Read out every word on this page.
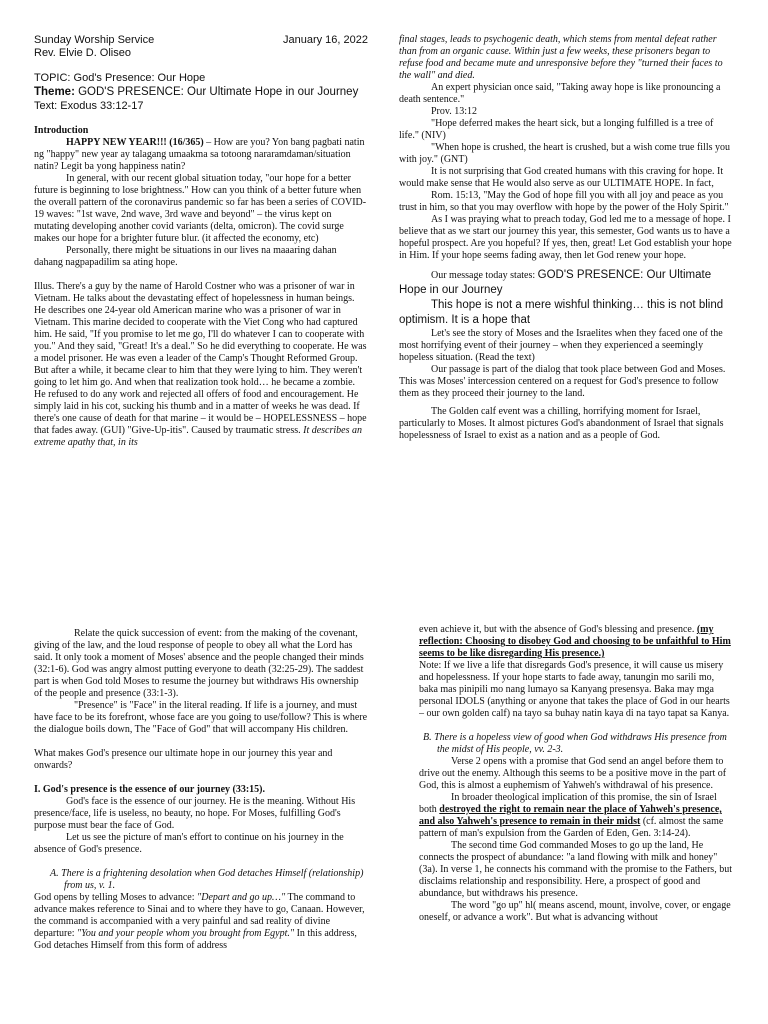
Sunday Worship Service	January 16, 2022

Rev. Elvie D. Oliseo

TOPIC: God's Presence: Our Hope

Theme: GOD'S PRESENCE: Our Ultimate Hope in our Journey

Text: Exodus 33:12-17

Introduction

HAPPY NEW YEAR!!! (16/365) – How are you? Yon bang pagbati natin ng "happy" new year ay talagang umaakma sa totoong nararamdaman/situation natin? Legit ba yong happiness natin?

In general, with our recent global situation today, "our hope for a better future is beginning to lose brightness." How can you think of a better future when the overall pattern of the coronavirus pandemic so far has been a series of COVID-19 waves: "1st wave, 2nd wave, 3rd wave and beyond" – the virus kept on mutating developing another covid variants (delta, omicron). The covid surge makes our hope for a brighter future blur. (it affected the economy, etc)

Personally, there might be situations in our lives na maaaring dahan dahang nagpapadilim sa ating hope.

Illus. There's a guy by the name of Harold Costner who was a prisoner of war in Vietnam. He talks about the devastating effect of hopelessness in human beings. He describes one 24-year old American marine who was a prisoner of war in Vietnam. This marine decided to cooperate with the Viet Cong who had captured him. He said, "If you promise to let me go, I'll do whatever I can to cooperate with you." And they said, "Great! It's a deal." So he did everything to cooperate. He was a model prisoner. He was even a leader of the Camp's Thought Reformed Group. But after a while, it became clear to him that they were lying to him. They weren't going to let him go. And when that realization took hold… he became a zombie. He refused to do any work and rejected all offers of food and encouragement. He simply laid in his cot, sucking his thumb and in a matter of weeks he was dead. If there's one cause of death for that marine – it would be – HOPELESSNESS – hope that fades away. (GUI) "Give-Up-itis". Caused by traumatic stress. It describes an extreme apathy that, in its

final stages, leads to psychogenic death, which stems from mental defeat rather than from an organic cause. Within just a few weeks, these prisoners began to refuse food and became mute and unresponsive before they "turned their faces to the wall" and died.

An expert physician once said, "Taking away hope is like pronouncing a death sentence."

Prov. 13:12

"Hope deferred makes the heart sick, but a longing fulfilled is a tree of life." (NIV)

"When hope is crushed, the heart is crushed, but a wish come true fills you with joy." (GNT)

It is not surprising that God created humans with this craving for hope. It would make sense that He would also serve as our ULTIMATE HOPE. In fact,

Rom. 15:13, "May the God of hope fill you with all joy and peace as you trust in him, so that you may overflow with hope by the power of the Holy Spirit."

As I was praying what to preach today, God led me to a message of hope. I believe that as we start our journey this year, this semester, God wants us to have a hopeful prospect. Are you hopeful? If yes, then, great! Let God establish your hope in Him. If your hope seems fading away, then let God renew your hope.

Our message today states: GOD'S PRESENCE: Our Ultimate Hope in our Journey

This hope is not a mere wishful thinking… this is not blind optimism. It is a hope that

Let's see the story of Moses and the Israelites when they faced one of the most horrifying event of their journey – when they experienced a seemingly hopeless situation. (Read the text)

Our passage is part of the dialog that took place between God and Moses. This was Moses' intercession centered on a request for God's presence to follow them as they proceed their journey to the land.

The Golden calf event was a chilling, horrifying moment for Israel, particularly to Moses. It almost pictures God's abandonment of Israel that signals hopelessness of Israel to exist as a nation and as a people of God.

Relate the quick succession of event: from the making of the covenant, giving of the law, and the loud response of people to obey all what the Lord has said. It only took a moment of Moses' absence and the people changed their minds (32:1-6). God was angry almost putting everyone to death (32:25-29). The saddest part is when God told Moses to resume the journey but withdraws His ownership of the people and presence (33:1-3).

"Presence" is "Face" in the literal reading. If life is a journey, and must have face to be its forefront, whose face are you going to use/follow? This is where the dialogue boils down, The "Face of God" that will accompany His children.

What makes God's presence our ultimate hope in our journey this year and onwards?

I. God's presence is the essence of our journey (33:15).

God's face is the essence of our journey. He is the meaning. Without His presence/face, life is useless, no beauty, no hope. For Moses, fulfilling God's purpose must bear the face of God.

Let us see the picture of man's effort to continue on his journey in the absence of God's presence.

A. There is a frightening desolation when God detaches Himself (relationship) from us, v. 1.

God opens by telling Moses to advance: "Depart and go up…" The command to advance makes reference to Sinai and to where they have to go, Canaan. However, the command is accompanied with a very painful and sad reality of divine departure: "You and your people whom you brought from Egypt." In this address, God detaches Himself from this form of address

even achieve it, but with the absence of God's blessing and presence. (my reflection: Choosing to disobey God and choosing to be unfaithful to Him seems to be like disregarding His presence.)

Note: If we live a life that disregards God's presence, it will cause us misery and hopelessness. If your hope starts to fade away, tanungin mo sarili mo, baka mas pinipili mo nang lumayo sa Kanyang presensya. Baka may mga personal IDOLS (anything or anyone that takes the place of God in our hearts – our own golden calf) na tayo sa buhay natin kaya di na tayo tapat sa Kanya.

B. There is a hopeless view of good when God withdraws His presence from the midst of His people, vv. 2-3.

Verse 2 opens with a promise that God send an angel before them to drive out the enemy. Although this seems to be a positive move in the part of God, this is almost a euphemism of Yahweh's withdrawal of his presence.

In broader theological implication of this promise, the sin of Israel both destroyed the right to remain near the place of Yahweh's presence, and also Yahweh's presence to remain in their midst (cf. almost the same pattern of man's expulsion from the Garden of Eden, Gen. 3:14-24).

The second time God commanded Moses to go up the land, He connects the prospect of abundance: "a land flowing with milk and honey" (3a). In verse 1, he connects his command with the promise to the Fathers, but disclaims relationship and responsibility. Here, a prospect of good and abundance, but withdraws his presence.

The word "go up" hl( means ascend, mount, involve, cover, or engage oneself, or advance a work". But what is advancing without
